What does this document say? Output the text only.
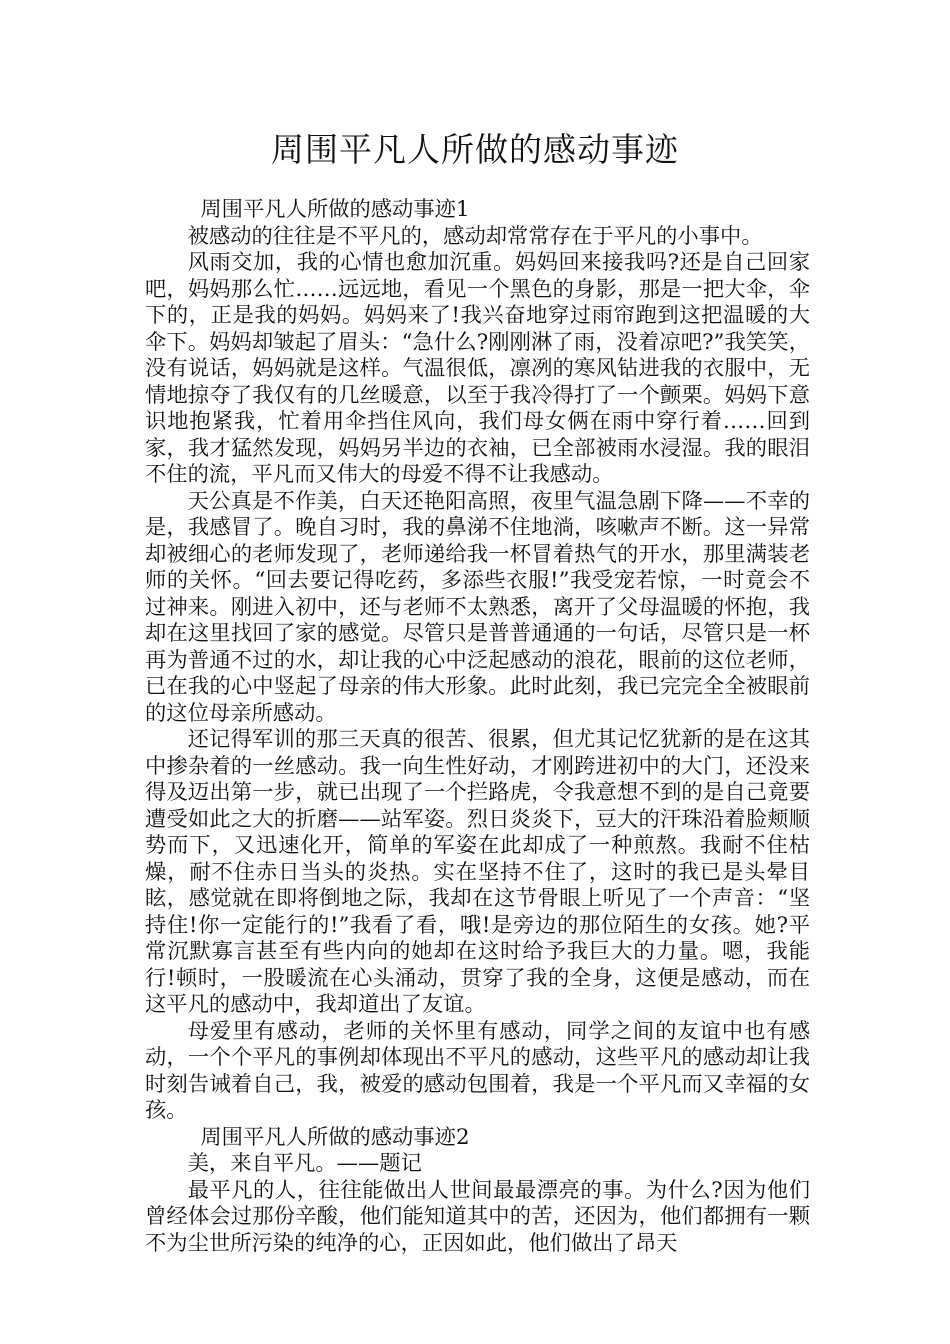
周围平凡人所做的感动事迹

周围平凡人所做的感动事迹1

被感动的往往是不平凡的，感动却常常存在于平凡的小事中。

风雨交加，我的心情也愈加沉重。妈妈回来接我吗?还是自己回家吧，妈妈那么忙……远远地，看见一个黑色的身影，那是一把大伞，伞下的，正是我的妈妈。妈妈来了!我兴奋地穿过雨帘跑到这把温暖的大伞下。妈妈却皱起了眉头：“急什么?刚刚淋了雨，没着凉吧?”我笑笑，没有说话，妈妈就是这样。气温很低，凛冽的寒风钻进我的衣服中，无情地掠夺了我仅有的几丝暖意，以至于我冷得打了一个颤栗。妈妈下意识地抱紧我，忙着用伞挡住风向，我们母女俩在雨中穿行着……回到家，我才猛然发现，妈妈另半边的衣袖，已全部被雨水浸湿。我的眼泪不住的流，平凡而又伟大的母爱不得不让我感动。

天公真是不作美，白天还艳阳高照，夜里气温急剧下降——不幸的是，我感冒了。晚自习时，我的鼻涕不住地淌，咳嗽声不断。这一异常却被细心的老师发现了，老师递给我一杯冒着热气的开水，那里满装老师的关怀。“回去要记得吃药，多添些衣服!”我受宠若惊，一时竟会不过神来。刚进入初中，还与老师不太熟悉，离开了父母温暖的怀抱，我却在这里找回了家的感觉。尽管只是普普通通的一句话，尽管只是一杯再为普通不过的水，却让我的心中泛起感动的浪花，眼前的这位老师，已在我的心中竖起了母亲的伟大形象。此时此刻，我已完完全全被眼前的这位母亲所感动。

还记得军训的那三天真的很苦、很累，但尤其记忆犹新的是在这其中掺杂着的一丝感动。我一向生性好动，才刚跨进初中的大门，还没来得及迈出第一步，就已出现了一个拦路虎，令我意想不到的是自己竟要遭受如此之大的折磨——站军姿。烈日炎炎下，豆大的汗珠沿着脸颊顺势而下，又迅速化开，简单的军姿在此却成了一种煎熬。我耐不住枯燥，耐不住赤日当头的炎热。实在坚持不住了，这时的我已是头晕目眩，感觉就在即将倒地之际，我却在这节骨眼上听见了一个声音：“坚持住!你一定能行的!”我看了看，哦!是旁边的那位陌生的女孩。她?平常沉默寡言甚至有些内向的她却在这时给予我巨大的力量。嗯，我能行!顿时，一股暖流在心头涌动，贯穿了我的全身，这便是感动，而在这平凡的感动中，我却道出了友谊。

母爱里有感动，老师的关怀里有感动，同学之间的友谊中也有感动，一个个平凡的事例却体现出不平凡的感动，这些平凡的感动却让我时刻告诫着自己，我，被爱的感动包围着，我是一个平凡而又幸福的女孩。

周围平凡人所做的感动事迹2

美，来自平凡。——题记

最平凡的人，往往能做出人世间最最漂亮的事。为什么?因为他们曾经体会过那份辛酸，他们能知道其中的苦，还因为，他们都拥有一颗不为尘世所污染的纯净的心，正因如此，他们做出了昂天
